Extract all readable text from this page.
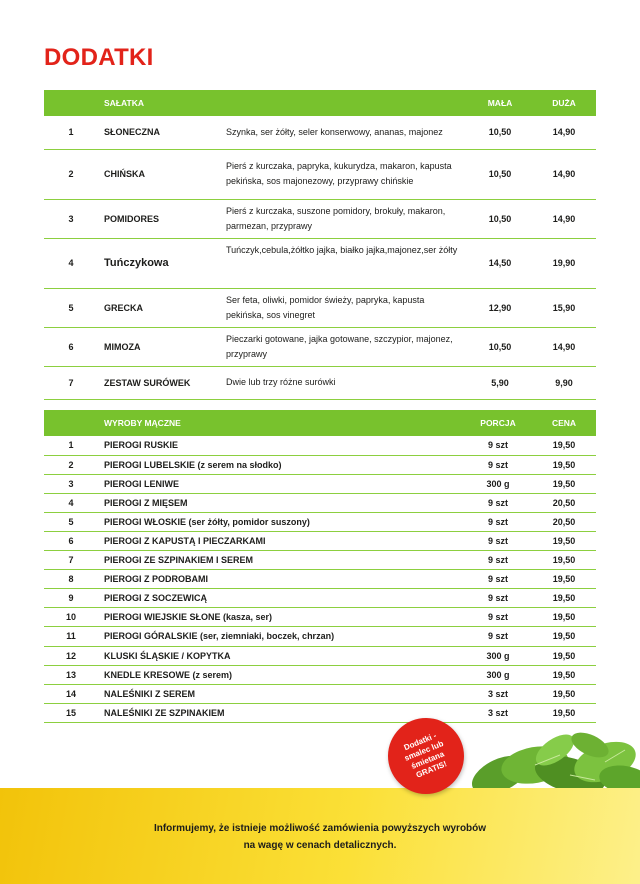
DODATKI
	SAŁATKA		MAŁA	DUŻA
1	SŁONECZNA	Szynka, ser żółty, seler konserwowy, ananas, majonez	10,50	14,90
2	CHIŃSKA	Pierś z kurczaka, papryka, kukurydza, makaron, kapusta pekińska, sos majonezowy, przyprawy chińskie	10,50	14,90
3	POMIDORES	Pierś z kurczaka, suszone pomidory, brokuły, makaron, parmezan, przyprawy	10,50	14,90
4	Tuńczykowa	Tuńczyk,cebula,żółtko jajka, białko jajka,majonez,ser żółty	14,50	19,90
5	GRECKA	Ser feta, oliwki, pomidor świeży, papryka, kapusta pekińska, sos vinegret	12,90	15,90
6	MIMOZA	Pieczarki gotowane, jajka gotowane, szczypior, majonez, przyprawy	10,50	14,90
7	ZESTAW SURÓWEK	Dwie lub trzy różne surówki	5,90	9,90
	WYROBY MĄCZNE	PORCJA	CENA
1	PIEROGI RUSKIE	9 szt	19,50
2	PIEROGI LUBELSKIE (z serem na słodko)	9 szt	19,50
3	PIEROGI LENIWE	300 g	19,50
4	PIEROGI Z MIĘSEM	9 szt	20,50
5	PIEROGI WŁOSKIE (ser żółty, pomidor suszony)	9 szt	20,50
6	PIEROGI Z KAPUSTĄ I PIECZARKAMI	9 szt	19,50
7	PIEROGI ZE SZPINAKIEM I SEREM	9 szt	19,50
8	PIEROGI Z PODROBAMI	9 szt	19,50
9	PIEROGI Z SOCZEWICĄ	9 szt	19,50
10	PIEROGI WIEJSKIE SŁONE (kasza, ser)	9 szt	19,50
11	PIEROGI GÓRALSKIE (ser, ziemniaki, boczek, chrzan)	9 szt	19,50
12	KLUSKI ŚLĄSKIE / KOPYTKA	300 g	19,50
13	KNEDLE KRESOWE (z serem)	300 g	19,50
14	NALEŚNIKI Z SEREM	3 szt	19,50
15	NALEŚNIKI ZE SZPINAKIEM	3 szt	19,50
Informujemy, że istnieje możliwość zamówienia powyższych wyrobów
na wagę w cenach detalicznych.
Dodatki - smalec lub śmietana GRATIS!
